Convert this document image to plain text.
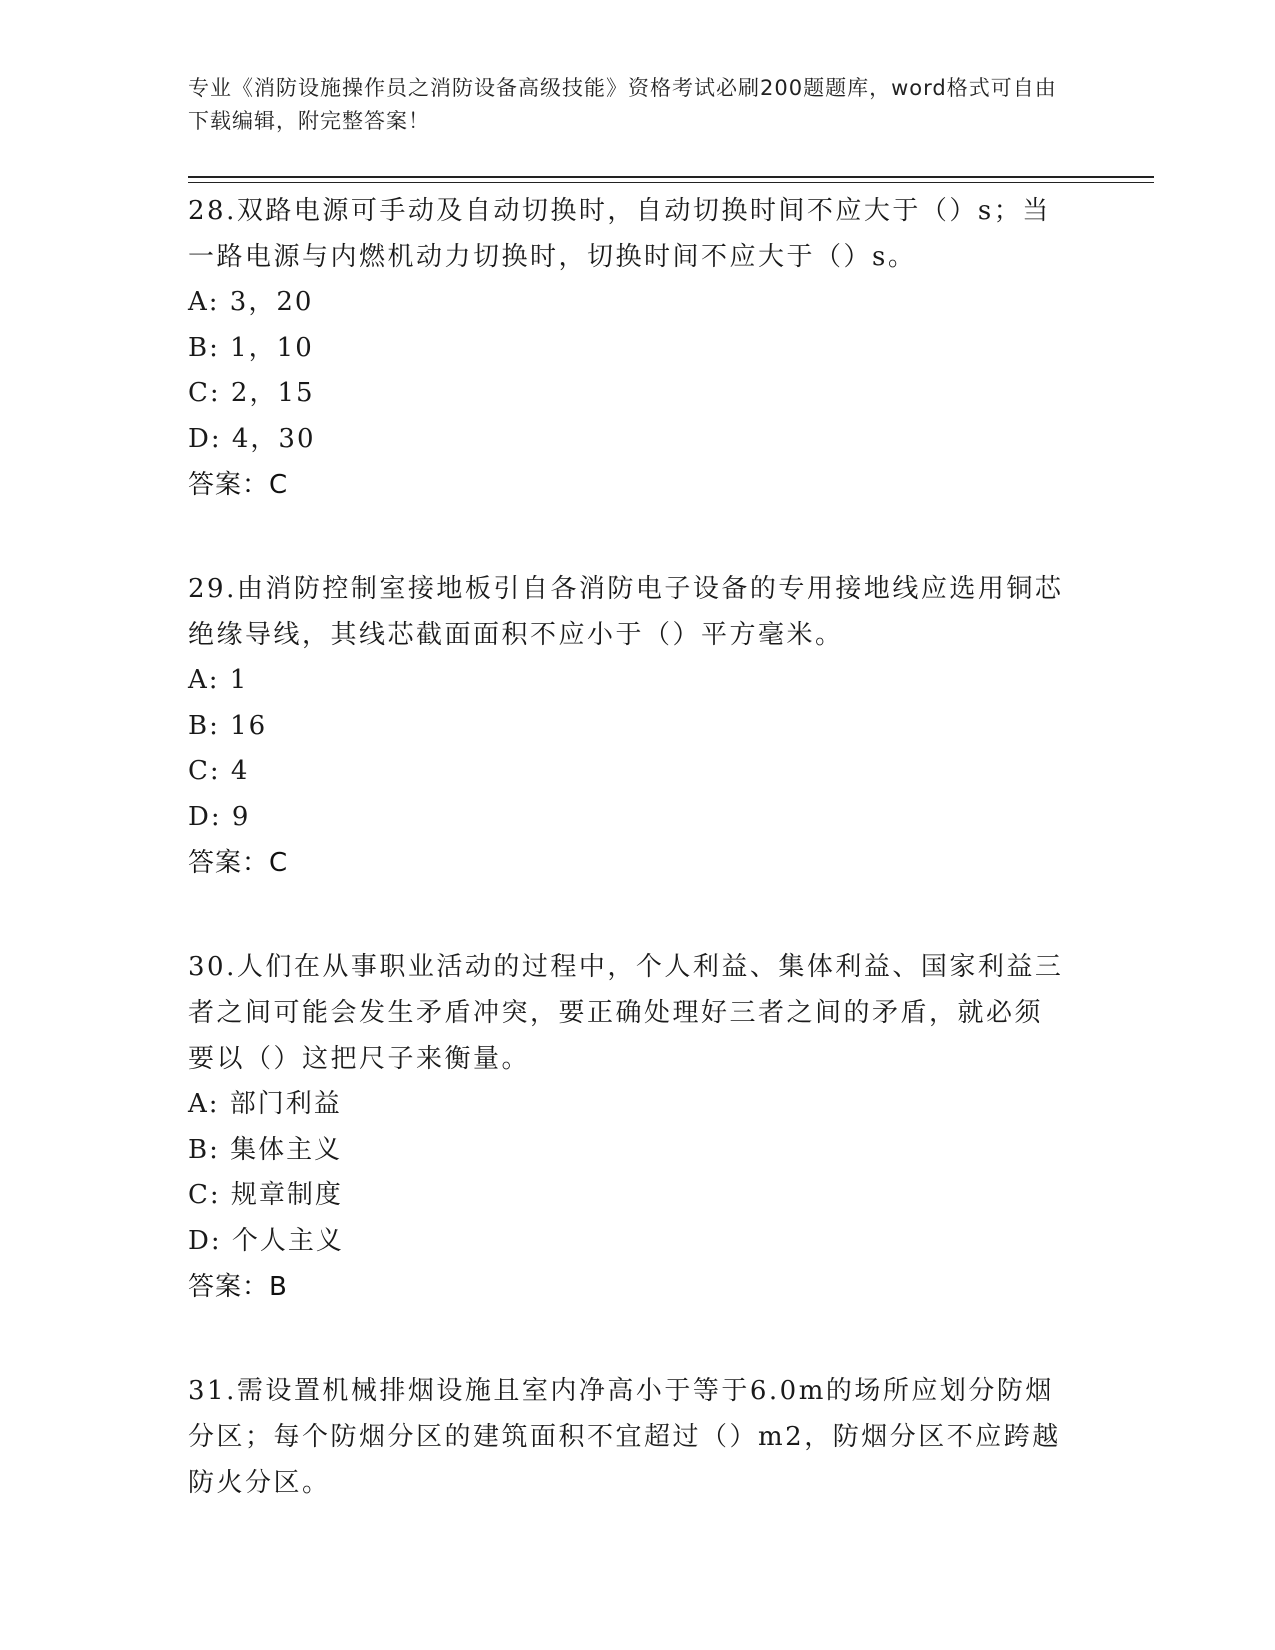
专业《消防设施操作员之消防设备高级技能》资格考试必刷200题题库，word格式可自由下载编辑，附完整答案！

28.双路电源可手动及自动切换时，自动切换时间不应大于（）s；当一路电源与内燃机动力切换时，切换时间不应大于（）s。

A: 3，20

B: 1，10

C: 2，15

D: 4，30

答案：C

29.由消防控制室接地板引自各消防电子设备的专用接地线应选用铜芯绝缘导线，其线芯截面面积不应小于（）平方毫米。

A: 1

B: 16

C: 4

D: 9

答案：C

30.人们在从事职业活动的过程中，个人利益、集体利益、国家利益三者之间可能会发生矛盾冲突，要正确处理好三者之间的矛盾，就必须要以（）这把尺子来衡量。

A: 部门利益

B: 集体主义

C: 规章制度

D: 个人主义

答案：B

31.需设置机械排烟设施且室内净高小于等于6.0m的场所应划分防烟分区；每个防烟分区的建筑面积不宜超过（）m2，防烟分区不应跨越防火分区。
